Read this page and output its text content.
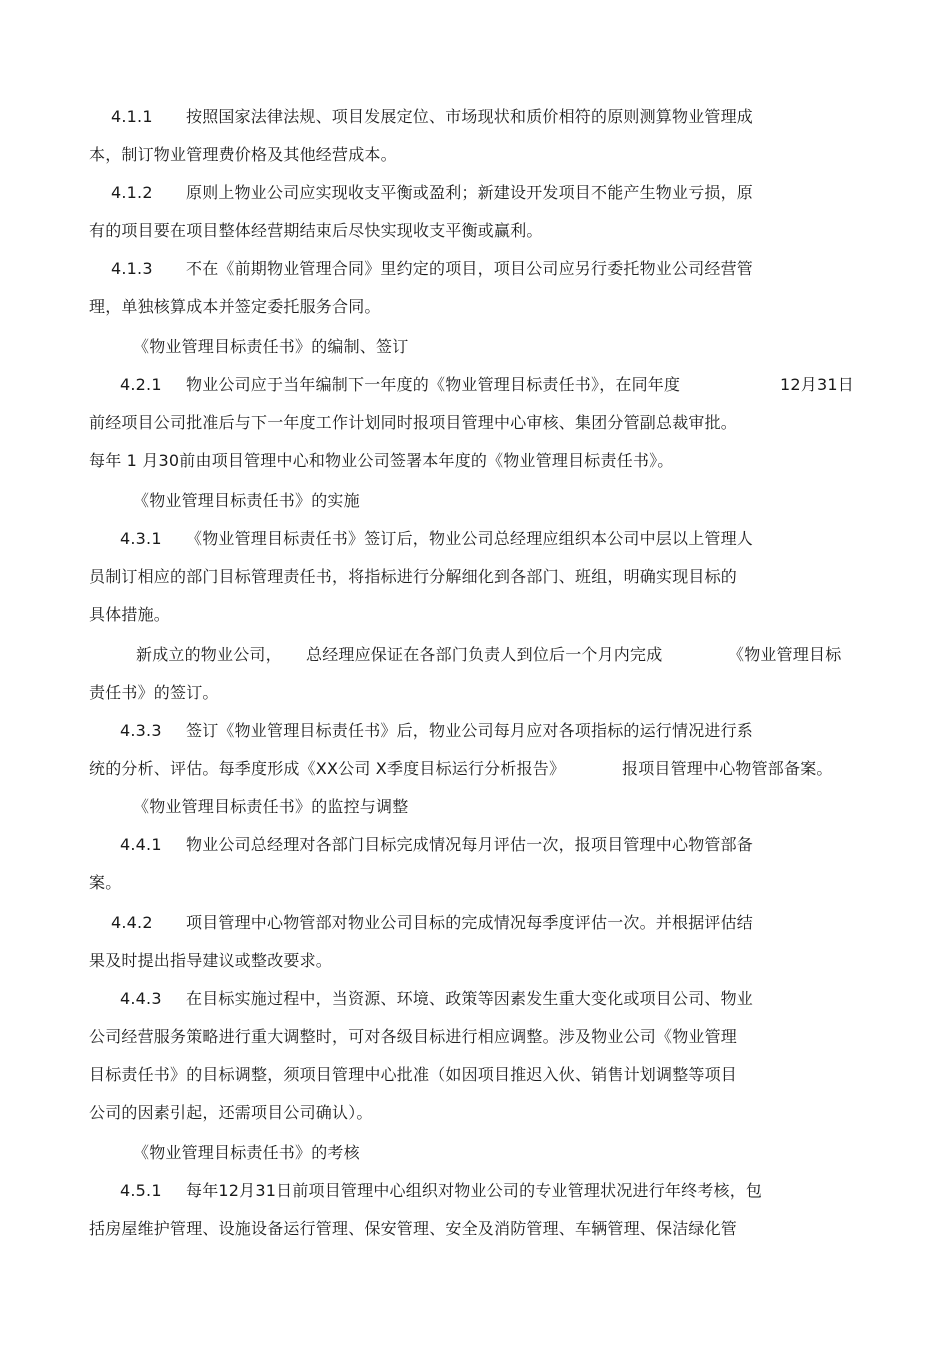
4.1.1 按照国家法律法规、项目发展定位、市场现状和质价相符的原则测算物业管理成
本，制订物业管理费价格及其他经营成本。
4.1.2 原则上物业公司应实现收支平衡或盈利；新建设开发项目不能产生物业亏损，原
有的项目要在项目整体经营期结束后尽快实现收支平衡或赢利。
4.1.3 不在《前期物业管理合同》里约定的项目，项目公司应另行委托物业公司经营管
理，单独核算成本并签定委托服务合同。
《物业管理目标责任书》的编制、签订
4.2.1 物业公司应于当年编制下一年度的《物业管理目标责任书》，在同年度	12月31日
前经项目公司批准后与下一年度工作计划同时报项目管理中心审核、集团分管副总裁审批。
每年 1 月30前由项目管理中心和物业公司签署本年度的《物业管理目标责任书》。
《物业管理目标责任书》的实施
4.3.1 《物业管理目标责任书》签订后，物业公司总经理应组织本公司中层以上管理人
员制订相应的部门目标管理责任书，将指标进行分解细化到各部门、班组，明确实现目标的
具体措施。
新成立的物业公司， 总经理应保证在各部门负责人到位后一个月内完成	《物业管理目标
责任书》的签订。
4.3.3 签订《物业管理目标责任书》后，物业公司每月应对各项指标的运行情况进行系
统的分析、评估。每季度形成《XX公司 X季度目标运行分析报告》	报项目管理中心物管部备案。
《物业管理目标责任书》的监控与调整
4.4.1 物业公司总经理对各部门目标完成情况每月评估一次，报项目管理中心物管部备
案。
4.4.2 项目管理中心物管部对物业公司目标的完成情况每季度评估一次。并根据评估结
果及时提出指导建议或整改要求。
4.4.3 在目标实施过程中，当资源、环境、政策等因素发生重大变化或项目公司、物业
公司经营服务策略进行重大调整时，可对各级目标进行相应调整。涉及物业公司《物业管理
目标责任书》的目标调整，须项目管理中心批准（如因项目推迟入伙、销售计划调整等项目
公司的因素引起，还需项目公司确认）。
《物业管理目标责任书》的考核
4.5.1 每年12月31日前项目管理中心组织对物业公司的专业管理状况进行年终考核，包
括房屋维护管理、设施设备运行管理、保安管理、安全及消防管理、车辆管理、保洁绿化管
